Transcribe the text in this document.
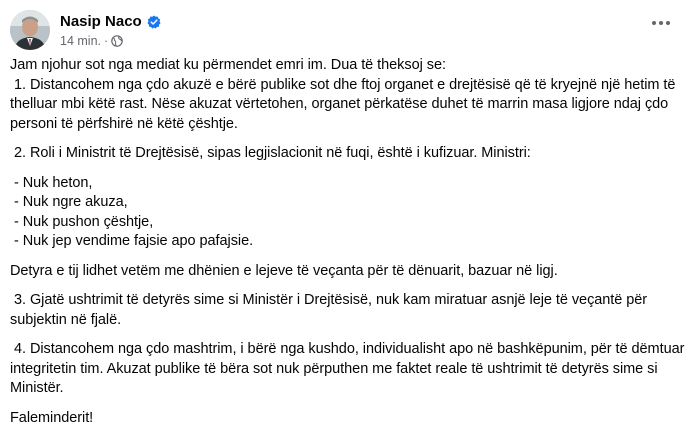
Nasip Naco
14 min. ·

Jam njohur sot nga mediat ku përmendet emri im. Dua të theksoj se:

1. Distancohem nga çdo akuzë e bërë publike sot dhe ftoj organet e drejtësisë që të kryejnë një hetim të thelluar mbi këtë rast. Nëse akuzat vërtetohen, organet përkatëse duhet të marrin masa ligjore ndaj çdo personi të përfshirë në këtë çështje.

2. Roli i Ministrit të Drejtësisë, sipas legjislacionit në fuqi, është i kufizuar. Ministri:

- Nuk heton,

- Nuk ngre akuza,

- Nuk pushon çështje,

- Nuk jep vendime fajsie apo pafajsie.

Detyra e tij lidhet vetëm me dhënien e lejeve të veçanta për të dënuarit, bazuar në ligj.

3. Gjatë ushtrimit të detyrës sime si Ministër i Drejtësisë, nuk kam miratuar asnjë leje të veçantë për subjektin në fjalë.

4. Distancohem nga çdo mashtrim, i bërë nga kushdo, individualisht apo në bashkëpunim, për të dëmtuar integritetin tim. Akuzat publike të bëra sot nuk përputhen me faktet reale të ushtrimit të detyrës sime si Ministër.

Faleminderit!
